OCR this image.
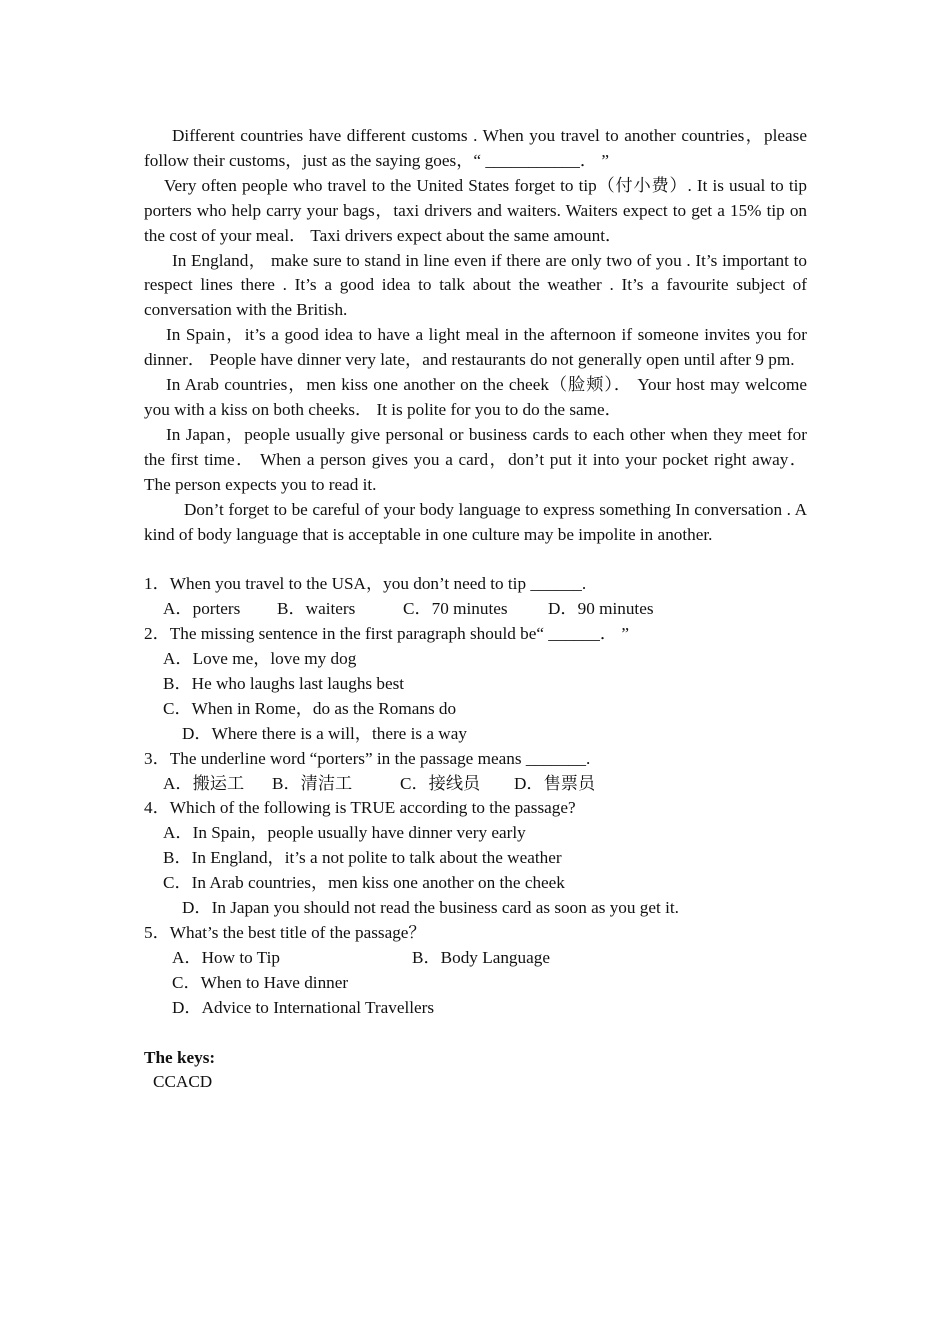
Different countries have different customs . When you travel to another countries，please follow their customs，just as the saying goes，“ ___________． ”

Very often people who travel to the United States forget to tip（付小费）. It is usual to tip porters who help carry your bags，taxi drivers and waiters. Waiters expect to get a 15% tip on the cost of your meal． Taxi drivers expect about the same amount．

In England， make sure to stand in line even if there are only two of you . It’s important to respect lines there . It’s a good idea to talk about the weather . It’s a favourite subject of conversation with the British.

In Spain，it’s a good idea to have a light meal in the afternoon if someone invites you for dinner． People have dinner very late，and restaurants do not generally open until after 9 pm.

In Arab countries，men kiss one another on the cheek（脸颊）． Your host may welcome you with a kiss on both cheeks． It is polite for you to do the same．

In Japan，people usually give personal or business cards to each other when they meet for the first time． When a person gives you a card，don’t put it into your pocket right away． The person expects you to read it.

Don’t forget to be careful of your body language to express something In conversation . A kind of body language that is acceptable in one culture may be impolite in another.

1．When you travel to the USA，you don’t need to tip ______.

A．porters B．waiters	C．70 minutes D．90 minutes

2．The missing sentence in the first paragraph should be“ ______． ”

A．Love me，love my dog

B．He who laughs last laughs best

C．When in Rome，do as the Romans do

D．Where there is a will，there is a way

3．The underline word “porters” in the passage means _______.

A．搬运工 B．清洁工	C．接线员 D．售票员

4．Which of the following is TRUE according to the passage?

A．In Spain，people usually have dinner very early

B．In England，it’s a not polite to talk about the weather

C．In Arab countries，men kiss one another on the cheek

D．In Japan you should not read the business card as soon as you get it.

5．What’s the best title of the passage？

A．How to Tip	B．Body Language

C．When to Have dinner

D．Advice to International Travellers

The keys:

CCACD
